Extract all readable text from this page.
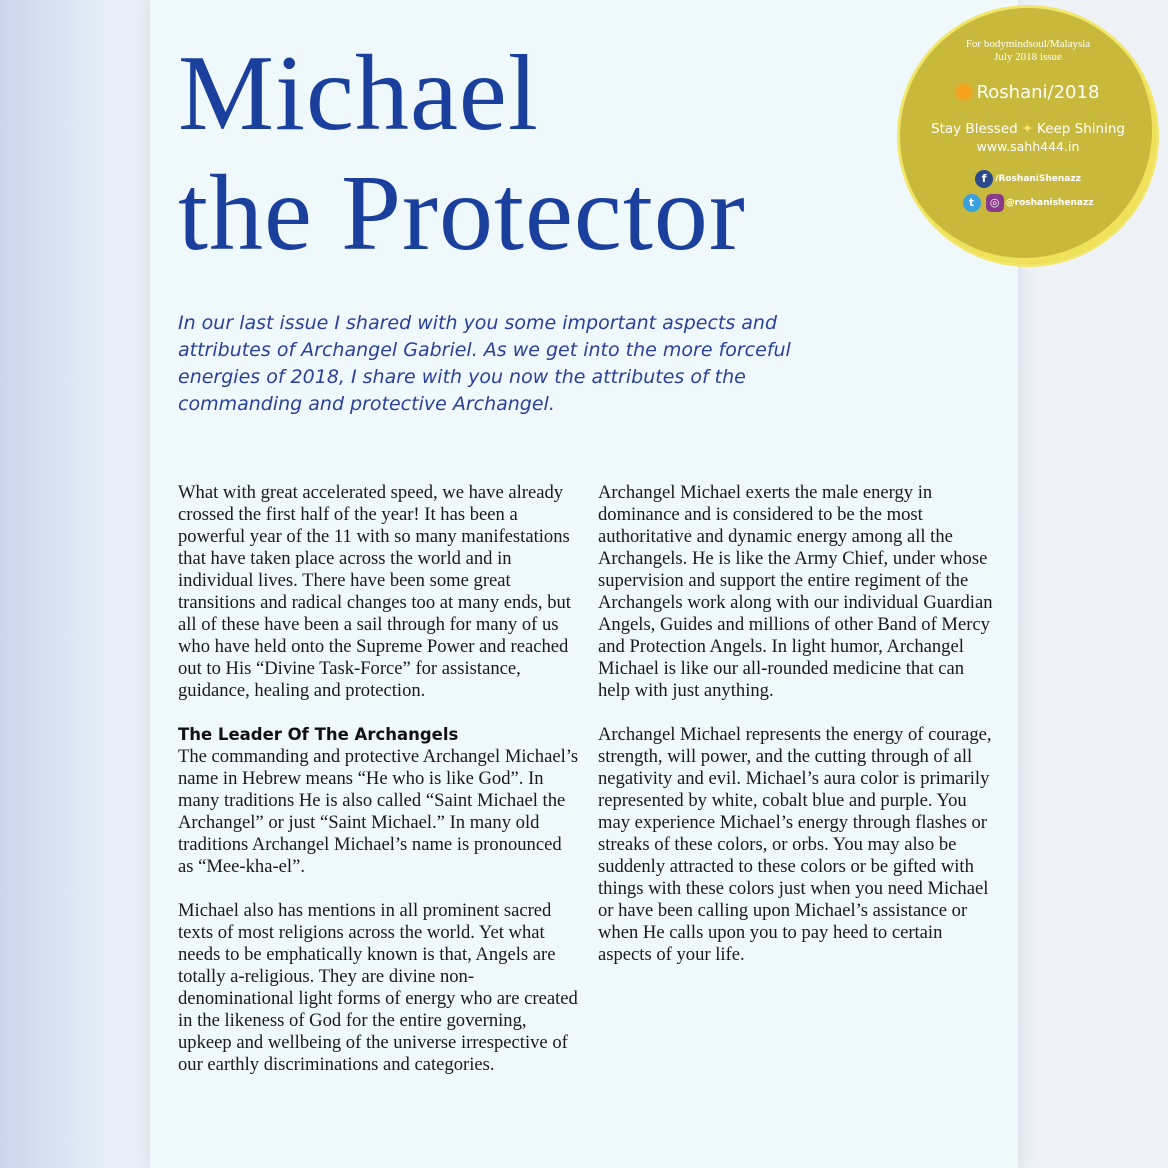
Michael
the Protector

In our last issue I shared with you some important aspects and attributes of Archangel Gabriel. As we get into the more forceful energies of 2018, I share with you now the attributes of the commanding and protective Archangel.

What with great accelerated speed, we have already crossed the first half of the year! It has been a powerful year of the 11 with so many manifestations that have taken place across the world and in individual lives. There have been some great transitions and radical changes too at many ends, but all of these have been a sail through for many of us who have held onto the Supreme Power and reached out to His “Divine Task-Force” for assistance, guidance, healing and protection.

The Leader Of The Archangels

The commanding and protective Archangel Michael’s name in Hebrew means “He who is like God”. In many traditions He is also called “Saint Michael the Archangel” or just “Saint Michael.” In many old traditions Archangel Michael’s name is pronounced as “Mee-kha-el”.

Michael also has mentions in all prominent sacred texts of most religions across the world. Yet what needs to be emphatically known is that, Angels are totally a-religious. They are divine non-denominational light forms of energy who are created in the likeness of God for the entire governing, upkeep and wellbeing of the universe irrespective of our earthly discriminations and categories.

Archangel Michael exerts the male energy in dominance and is considered to be the most authoritative and dynamic energy among all the Archangels. He is like the Army Chief, under whose supervision and support the entire regiment of the Archangels work along with our individual Guardian Angels, Guides and millions of other Band of Mercy and Protection Angels. In light humor, Archangel Michael is like our all-rounded medicine that can help with just anything.

Archangel Michael represents the energy of courage, strength, will power, and the cutting through of all negativity and evil. Michael’s aura color is primarily represented by white, cobalt blue and purple. You may experience Michael’s energy through flashes or streaks of these colors, or orbs. You may also be suddenly attracted to these colors or be gifted with things with these colors just when you need Michael or have been calling upon Michael’s assistance or when He calls upon you to pay heed to certain aspects of your life.

For bodymindsoul/Malaysia
July 2018 issue
Roshani/2018
Stay Blessed ✦ Keep Shining
www.sahh444.in
f /RoshaniShenazz
t ◎ @roshanishenazz
